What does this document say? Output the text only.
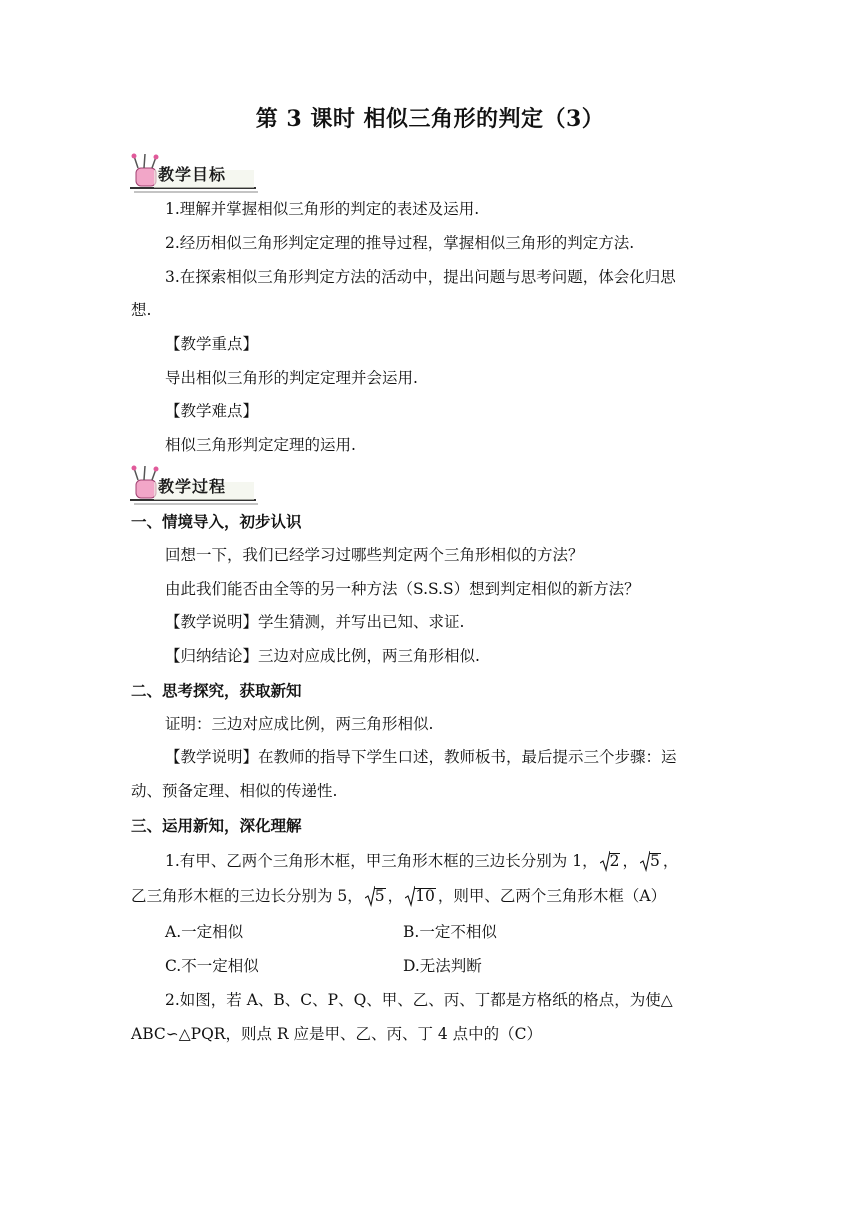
第 3 课时 相似三角形的判定（3）
教学目标
1.理解并掌握相似三角形的判定的表述及运用.
2.经历相似三角形判定定理的推导过程，掌握相似三角形的判定方法.
3.在探索相似三角形判定方法的活动中，提出问题与思考问题，体会化归思
想.
【教学重点】
导出相似三角形的判定定理并会运用.
【教学难点】
相似三角形判定定理的运用.
教学过程
一、情境导入，初步认识
回想一下，我们已经学习过哪些判定两个三角形相似的方法？
由此我们能否由全等的另一种方法（S.S.S）想到判定相似的新方法？
【教学说明】学生猜测，并写出已知、求证.
【归纳结论】三边对应成比例，两三角形相似.
二、思考探究，获取新知
证明：三边对应成比例，两三角形相似.
【教学说明】在教师的指导下学生口述，教师板书，最后提示三个步骤：运
动、预备定理、相似的传递性.
三、运用新知，深化理解
1.有甲、乙两个三角形木框，甲三角形木框的三边长分别为 1， 2 ， 5 ，
乙三角形木框的三边长分别为 5， 5 ， 10 ，则甲、乙两个三角形木框（A）
A.一定相似	B.一定不相似
C.不一定相似	D.无法判断
2.如图，若 A、B、C、P、Q、甲、乙、丙、丁都是方格纸的格点，为使△
ABC∽△PQR，则点 R 应是甲、乙、丙、丁 4 点中的（C）
